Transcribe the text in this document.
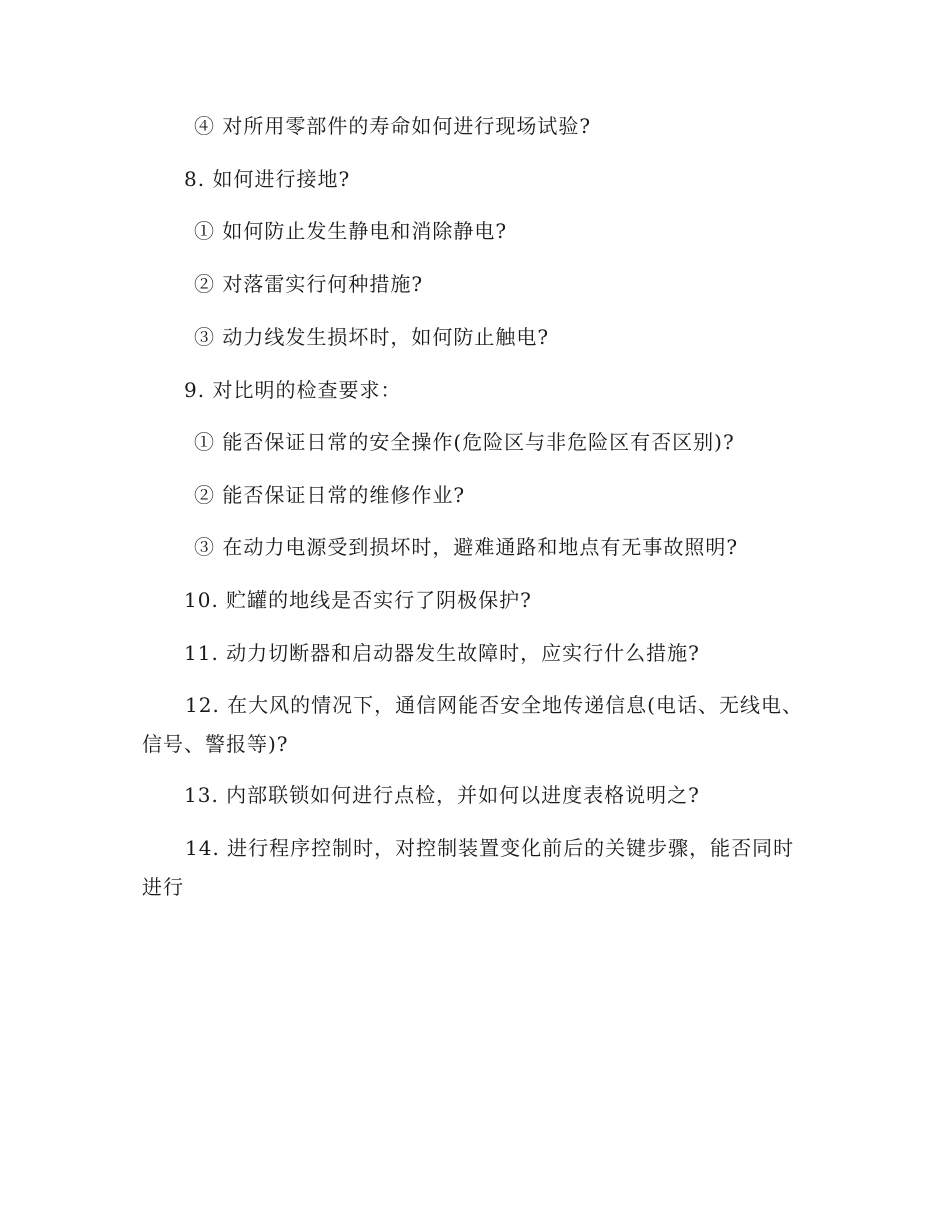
④ 对所用零部件的寿命如何进行现场试验?
8. 如何进行接地?
① 如何防止发生静电和消除静电?
② 对落雷实行何种措施?
③ 动力线发生损坏时，如何防止触电?
9. 对比明的检查要求：
① 能否保证日常的安全操作(危险区与非危险区有否区别)?
② 能否保证日常的维修作业?
③ 在动力电源受到损坏时，避难通路和地点有无事故照明?
10. 贮罐的地线是否实行了阴极保护?
11. 动力切断器和启动器发生故障时，应实行什么措施?
12. 在大风的情况下，通信网能否安全地传递信息(电话、无线电、信号、警报等)?
13. 内部联锁如何进行点检，并如何以进度表格说明之?
14. 进行程序控制时，对控制装置变化前后的关键步骤，能否同时进行
